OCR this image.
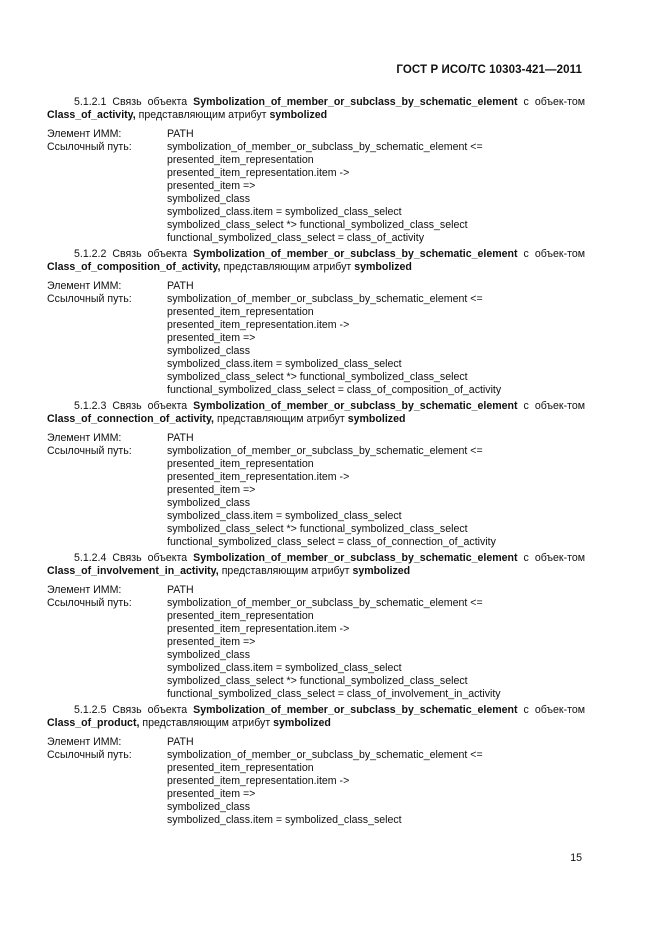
ГОСТ Р ИСО/ТС 10303-421—2011
5.1.2.1 Связь объекта Symbolization_of_member_or_subclass_by_schematic_element с объек-том Class_of_activity, представляющим атрибут symbolized
Элемент ИММ:	PATH
Ссылочный путь:	symbolization_of_member_or_subclass_by_schematic_element <=
presented_item_representation
presented_item_representation.item ->
presented_item =>
symbolized_class
symbolized_class.item = symbolized_class_select
symbolized_class_select *> functional_symbolized_class_select
functional_symbolized_class_select = class_of_activity
5.1.2.2 Связь объекта Symbolization_of_member_or_subclass_by_schematic_element с объек-том Class_of_composition_of_activity, представляющим атрибут symbolized
Элемент ИММ:	PATH
Ссылочный путь:	symbolization_of_member_or_subclass_by_schematic_element <=
presented_item_representation
presented_item_representation.item ->
presented_item =>
symbolized_class
symbolized_class.item = symbolized_class_select
symbolized_class_select *> functional_symbolized_class_select
functional_symbolized_class_select = class_of_composition_of_activity
5.1.2.3 Связь объекта Symbolization_of_member_or_subclass_by_schematic_element с объек-том Class_of_connection_of_activity, представляющим атрибут symbolized
Элемент ИММ:	PATH
Ссылочный путь:	symbolization_of_member_or_subclass_by_schematic_element <=
presented_item_representation
presented_item_representation.item ->
presented_item =>
symbolized_class
symbolized_class.item = symbolized_class_select
symbolized_class_select *> functional_symbolized_class_select
functional_symbolized_class_select = class_of_connection_of_activity
5.1.2.4 Связь объекта Symbolization_of_member_or_subclass_by_schematic_element с объек-том Class_of_involvement_in_activity, представляющим атрибут symbolized
Элемент ИММ:	PATH
Ссылочный путь:	symbolization_of_member_or_subclass_by_schematic_element <=
presented_item_representation
presented_item_representation.item ->
presented_item =>
symbolized_class
symbolized_class.item = symbolized_class_select
symbolized_class_select *> functional_symbolized_class_select
functional_symbolized_class_select = class_of_involvement_in_activity
5.1.2.5 Связь объекта Symbolization_of_member_or_subclass_by_schematic_element с объек-том Class_of_product, представляющим атрибут symbolized
Элемент ИММ:	PATH
Ссылочный путь:	symbolization_of_member_or_subclass_by_schematic_element <=
presented_item_representation
presented_item_representation.item ->
presented_item =>
symbolized_class
symbolized_class.item = symbolized_class_select
15
